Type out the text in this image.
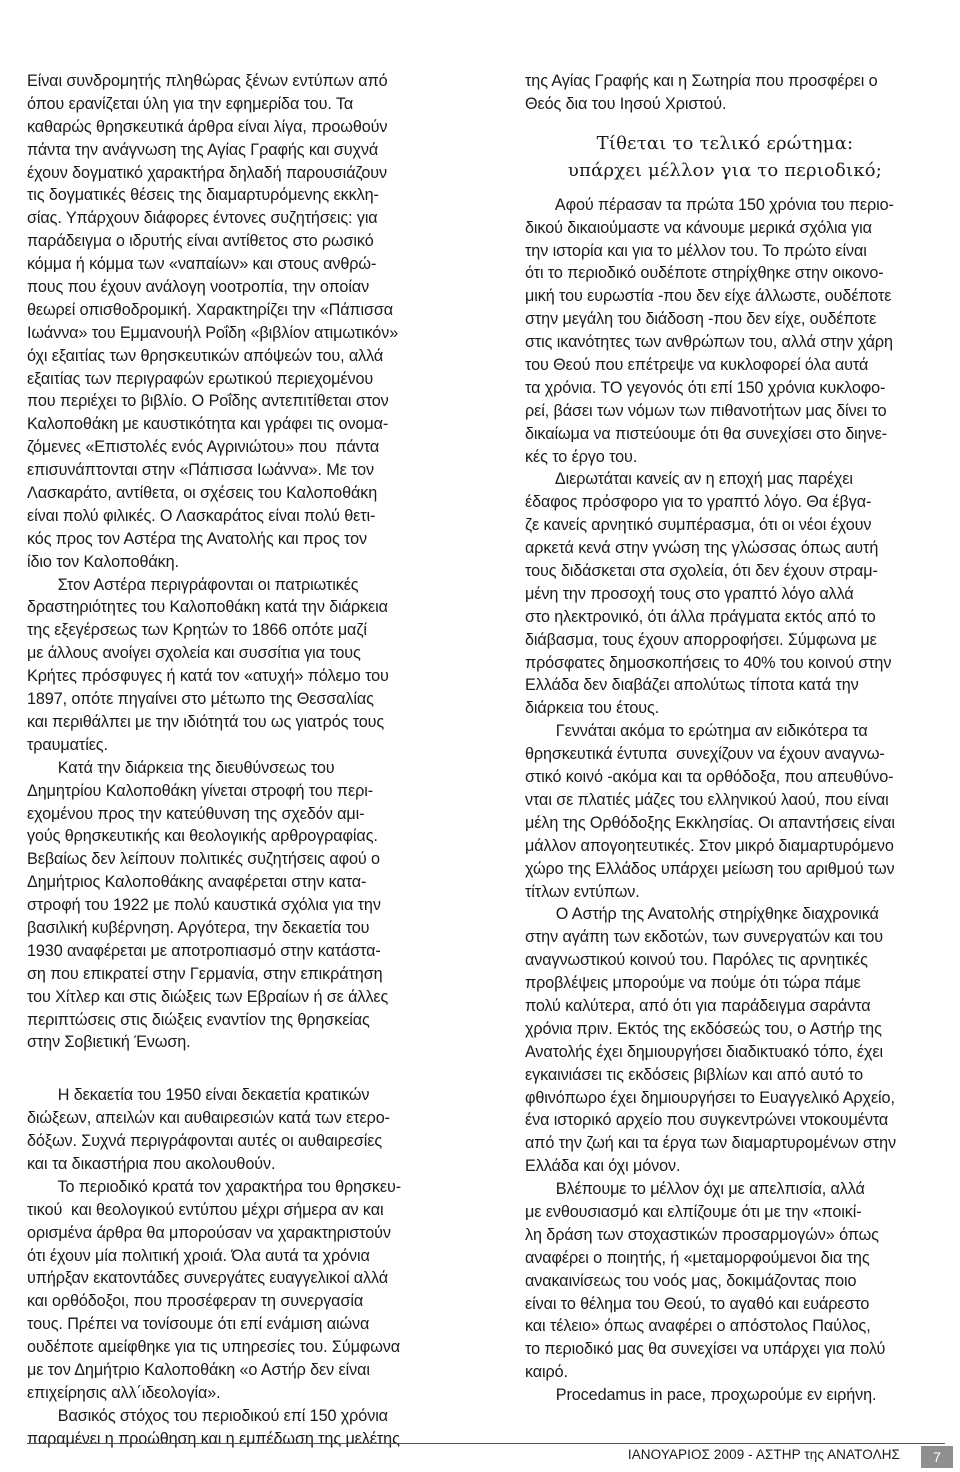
Είναι συνδρομητής πληθώρας ξένων εντύπων από
όπου ερανίζεται ύλη για την εφημερίδα του. Τα
καθαρώς θρησκευτικά άρθρα είναι λίγα, προωθούν
πάντα την ανάγνωση της Αγίας Γραφής και συχνά
έχουν δογματικό χαρακτήρα δηλαδή παρουσιάζουν
τις δογματικές θέσεις της διαμαρτυρόμενης εκκλη-
σίας. Υπάρχουν διάφορες έντονες συζητήσεις: για
παράδειγμα ο ιδρυτής είναι αντίθετος στο ρωσικό
κόμμα ή κόμμα των «ναπαίων» και στους ανθρώ-
πους που έχουν ανάλογη νοοτροπία, την οποίαν
θεωρεί οπισθοδρομική. Χαρακτηρίζει την «Πάπισσα
Ιωάννα» του Εμμανουήλ Ροΐδη «βιβλίον ατιμωτικόν»
όχι εξαιτίας των θρησκευτικών απόψεών του, αλλά
εξαιτίας των περιγραφών ερωτικού περιεχομένου
που περιέχει το βιβλίο. Ο Ροΐδης αντεπιτίθεται στον
Καλοποθάκη με καυστικότητα και γράφει τις ονομα-
ζόμενες «Επιστολές ενός Αγρινιώτου» που  πάντα
επισυνάπτονται στην «Πάπισσα Ιωάννα». Με τον
Λασκαράτο, αντίθετα, οι σχέσεις του Καλοποθάκη
είναι πολύ φιλικές. Ο Λασκαράτος είναι πολύ θετι-
κός προς τον Αστέρα της Ανατολής και προς τον
ίδιο τον Καλοποθάκη.
Στον Αστέρα περιγράφονται οι πατριωτικές
δραστηριότητες του Καλοποθάκη κατά την διάρκεια
της εξεγέρσεως των Κρητών το 1866 οπότε μαζί
με άλλους ανοίγει σχολεία και συσσίτια για τους
Κρήτες πρόσφυγες ή κατά τον «ατυχή» πόλεμο του
1897, οπότε πηγαίνει στο μέτωπο της Θεσσαλίας
και περιθάλπει με την ιδιότητά του ως γιατρός τους
τραυματίες.
Κατά την διάρκεια της διευθύνσεως του
Δημητρίου Καλοποθάκη γίνεται στροφή του περι-
εχομένου προς την κατεύθυνση της σχεδόν αμι-
γούς θρησκευτικής και θεολογικής αρθρογραφίας.
Βεβαίως δεν λείπουν πολιτικές συζητήσεις αφού ο
Δημήτριος Καλοποθάκης αναφέρεται στην κατα-
στροφή του 1922 με πολύ καυστικά σχόλια για την
βασιλική κυβέρνηση. Αργότερα, την δεκαετία του
1930 αναφέρεται με αποτροπιασμό στην κατάστα-
ση που επικρατεί στην Γερμανία, στην επικράτηση
του Χίτλερ και στις διώξεις των Εβραίων ή σε άλλες
περιπτώσεις στις διώξεις εναντίον της θρησκείας
στην Σοβιετική Ένωση.
Η δεκαετία του 1950 είναι δεκαετία κρατικών
διώξεων, απειλών και αυθαιρεσιών κατά των ετερο-
δόξων. Συχνά περιγράφονται αυτές οι αυθαιρεσίες
και τα δικαστήρια που ακολουθούν.
Το περιοδικό κρατά τον χαρακτήρα του θρησκευ-
τικού  και θεολογικού εντύπου μέχρι σήμερα αν και
ορισμένα άρθρα θα μπορούσαν να χαρακτηριστούν
ότι έχουν μία πολιτική χροιά. Όλα αυτά τα χρόνια
υπήρξαν εκατοντάδες συνεργάτες ευαγγελικοί αλλά
και ορθόδοξοι, που προσέφεραν τη συνεργασία
τους. Πρέπει να τονίσουμε ότι επί ενάμιση αιώνα
ουδέποτε αμείφθηκε για τις υπηρεσίες του. Σύμφωνα
με τον Δημήτριο Καλοποθάκη «ο Αστήρ δεν είναι
επιχείρησις αλλ΄ιδεολογία».
Βασικός στόχος του περιοδικού επί 150 χρόνια
παραμένει η προώθηση και η εμπέδωση της μελέτης
της Αγίας Γραφής και η Σωτηρία που προσφέρει ο
Θεός δια του Ιησού Χριστού.
Τίθεται το τελικό ερώτημα:
υπάρχει μέλλον για το περιοδικό;
Αφού πέρασαν τα πρώτα 150 χρόνια του περιο-
δικού δικαιούμαστε να κάνουμε μερικά σχόλια για
την ιστορία και για το μέλλον του. Το πρώτο είναι
ότι το περιοδικό ουδέποτε στηρίχθηκε στην οικονο-
μική του ευρωστία -που δεν είχε άλλωστε, ουδέποτε
στην μεγάλη του διάδοση -που δεν είχε, ουδέποτε
στις ικανότητες των ανθρώπων του, αλλά στην χάρη
του Θεού που επέτρεψε να κυκλοφορεί όλα αυτά
τα χρόνια. ΤΟ γεγονός ότι επί 150 χρόνια κυκλοφο-
ρεί, βάσει των νόμων των πιθανοτήτων μας δίνει το
δικαίωμα να πιστεύουμε ότι θα συνεχίσει στο διηνε-
κές το έργο του.
Διερωτάται κανείς αν η εποχή μας παρέχει
έδαφος πρόσφορο για το γραπτό λόγο. Θα έβγα-
ζε κανείς αρνητικό συμπέρασμα, ότι οι νέοι έχουν
αρκετά κενά στην γνώση της γλώσσας όπως αυτή
τους διδάσκεται στα σχολεία, ότι δεν έχουν στραμ-
μένη την προσοχή τους στο γραπτό λόγο αλλά
στο ηλεκτρονικό, ότι άλλα πράγματα εκτός από το
διάβασμα, τους έχουν απορροφήσει. Σύμφωνα με
πρόσφατες δημοσκοπήσεις το 40% του κοινού στην
Ελλάδα δεν διαβάζει απολύτως τίποτα κατά την
διάρκεια του έτους.
Γεννάται ακόμα το ερώτημα αν ειδικότερα τα
θρησκευτικά έντυπα  συνεχίζουν να έχουν αναγνω-
στικό κοινό -ακόμα και τα ορθόδοξα, που απευθύνο-
νται σε πλατιές μάζες του ελληνικού λαού, που είναι
μέλη της Ορθόδοξης Εκκλησίας. Οι απαντήσεις είναι
μάλλον απογοητευτικές. Στον μικρό διαμαρτυρόμενο
χώρο της Ελλάδος υπάρχει μείωση του αριθμού των
τίτλων εντύπων.
Ο Αστήρ της Ανατολής στηρίχθηκε διαχρονικά
στην αγάπη των εκδοτών, των συνεργατών και του
αναγνωστικού κοινού του. Παρόλες τις αρνητικές
προβλέψεις μπορούμε να πούμε ότι τώρα πάμε
πολύ καλύτερα, από ότι για παράδειγμα σαράντα
χρόνια πριν. Εκτός της εκδόσεώς του, ο Αστήρ της
Ανατολής έχει δημιουργήσει διαδικτυακό τόπο, έχει
εγκαινιάσει τις εκδόσεις βιβλίων και από αυτό το
φθινόπωρο έχει δημιουργήσει το Ευαγγελικό Αρχείο,
ένα ιστορικό αρχείο που συγκεντρώνει ντοκουμέντα
από την ζωή και τα έργα των διαμαρτυρομένων στην
Ελλάδα και όχι μόνον.
Βλέπουμε το μέλλον όχι με απελπισία, αλλά
με ενθουσιασμό και ελπίζουμε ότι με την «ποικί-
λη δράση των στοχαστικών προσαρμογών» όπως
αναφέρει ο ποιητής, ή «μεταμορφούμενοι δια της
ανακαινίσεως του νοός μας, δοκιμάζοντας ποιο
είναι το θέλημα του Θεού, το αγαθό και ευάρεστο
και τέλειο» όπως αναφέρει ο απόστολος Παύλος,
το περιοδικό μας θα συνεχίσει να υπάρχει για πολύ
καιρό.
Procedamus in pace, προχωρούμε εν ειρήνη.
ΙΑΝΟΥΑΡΙΟΣ 2009 - ΑΣΤΗΡ της ΑΝΑΤΟΛΗΣ	7
